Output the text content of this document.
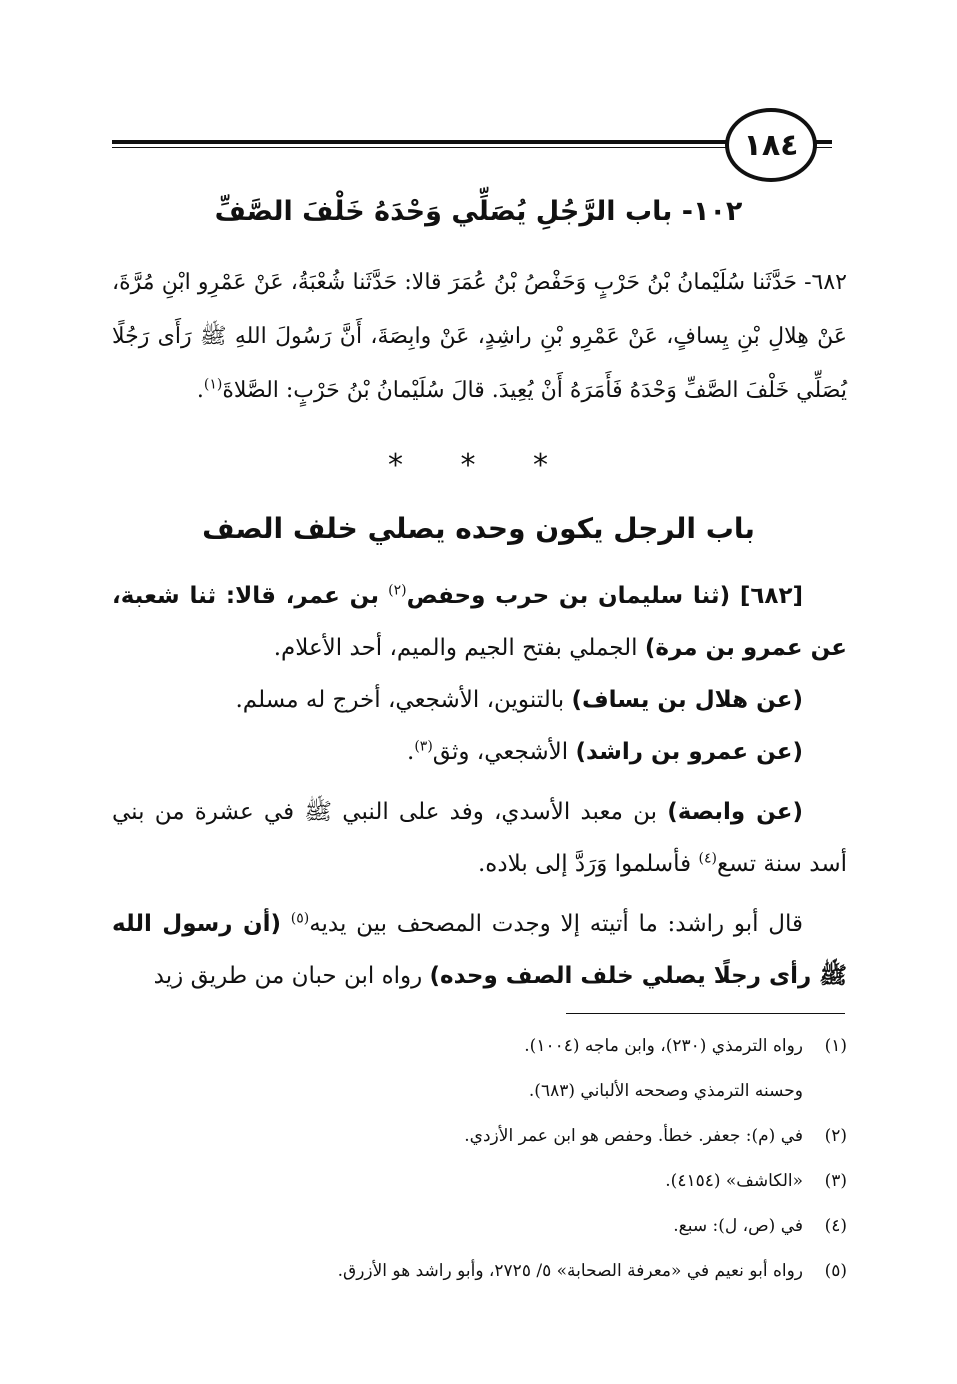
١٨٤
١٠٢- باب الرَّجُلِ يُصَلِّي وَحْدَهُ خَلْفَ الصَّفِّ
٦٨٢- حَدَّثَنا سُلَيْمانُ بْنُ حَرْبٍ وَحَفْصُ بْنُ عُمَرَ قالا: حَدَّثَنا شُعْبَةُ، عَنْ عَمْرِو ابْنِ مُرَّةَ، عَنْ هِلالِ بْنِ يِسافٍ، عَنْ عَمْرِو بْنِ راشِدٍ، عَنْ وابِصَةَ، أَنَّ رَسُولَ اللهِ ﷺ رَأَى رَجُلًا يُصَلِّي خَلْفَ الصَّفِّ وَحْدَهُ فَأَمَرَهُ أَنْ يُعِيدَ. قالَ سُلَيْمانُ بْنُ حَرْبٍ: الصَّلاةَ$^{(١)}$.
* * *
باب الرجل يكون وحده يصلي خلف الصف

[٦٨٢] (ثنا سليمان بن حرب وحفص$^{(٢)}$ بن عمر، قالا: ثنا شعبة، عن عمرو بن مرة) الجملي بفتح الجيم والميم، أحد الأعلام.

(عن هلال بن يساف) بالتنوين، الأشجعي، أخرج له مسلم.

(عن عمرو بن راشد) الأشجعي، وثق$^{(٣)}$.

(عن وابصة) بن معبد الأسدي، وفد على النبي ﷺ في عشرة من بني أسد سنة تسع$^{(٤)}$ فأسلموا وَرَدَّ إلى بلاده.

قال أبو راشد: ما أتيته إلا وجدت المصحف بين يديه$^{(٥)}$ (أن رسول الله ﷺ رأى رجلًا يصلي خلف الصف وحده) رواه ابن حبان من طريق زيد

(١)رواه الترمذي (٢٣٠)، وابن ماجه (١٠٠٤).
وحسنه الترمذي وصححه الألباني (٦٨٣).
(٢)في (م): جعفر. خطأ. وحفص هو ابن عمر الأزدي.
(٣)«الكاشف» (٤١٥٤).
(٤)في (ص، ل): سبع.
(٥)رواه أبو نعيم في «معرفة الصحابة» ٥/ ٢٧٢٥، وأبو راشد هو الأزرق.
